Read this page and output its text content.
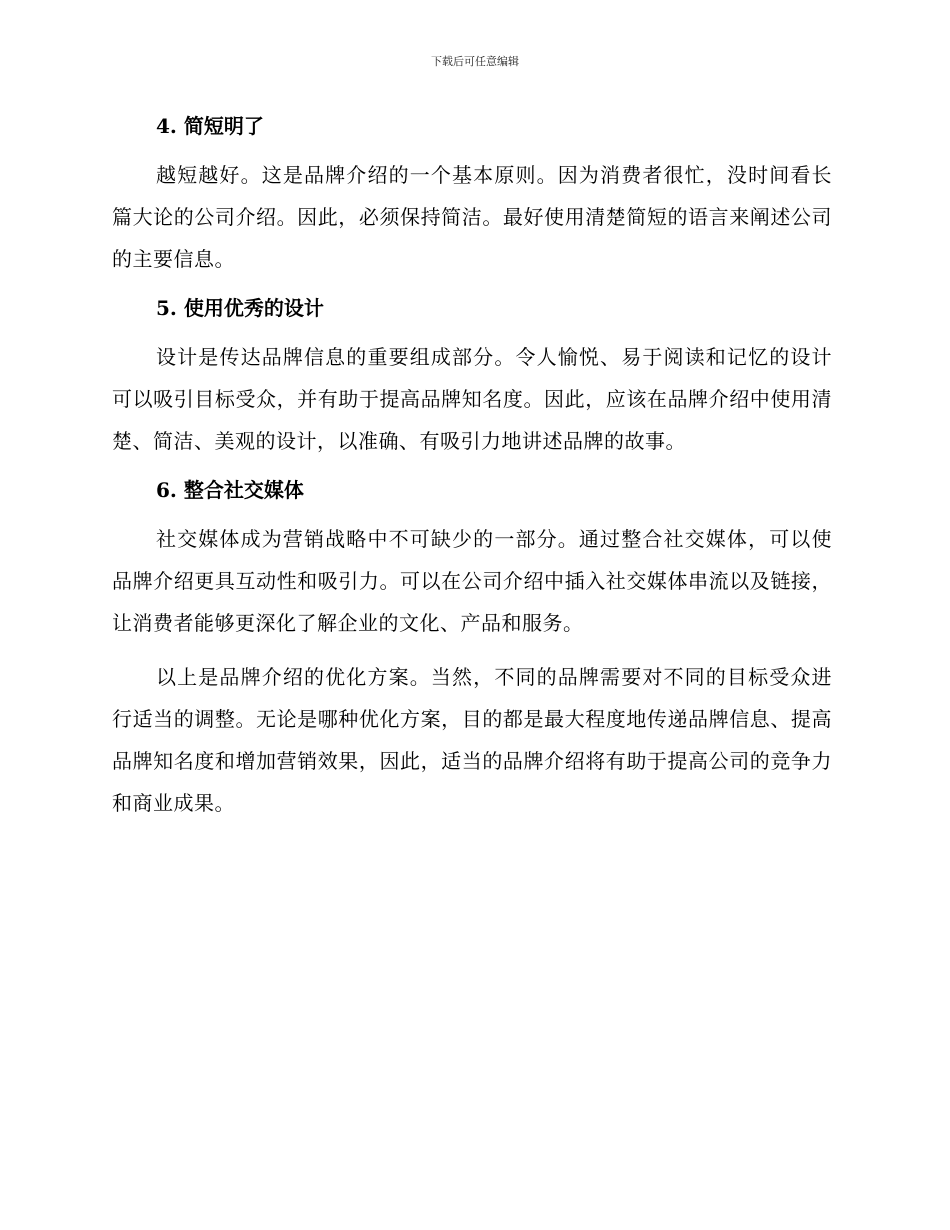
下载后可任意编辑
4. 简短明了

越短越好。这是品牌介绍的一个基本原则。因为消费者很忙，没时间看长篇大论的公司介绍。因此，必须保持简洁。最好使用清楚简短的语言来阐述公司的主要信息。

5. 使用优秀的设计

设计是传达品牌信息的重要组成部分。令人愉悦、易于阅读和记忆的设计可以吸引目标受众，并有助于提高品牌知名度。因此，应该在品牌介绍中使用清楚、简洁、美观的设计，以准确、有吸引力地讲述品牌的故事。

6. 整合社交媒体

社交媒体成为营销战略中不可缺少的一部分。通过整合社交媒体，可以使品牌介绍更具互动性和吸引力。可以在公司介绍中插入社交媒体串流以及链接，让消费者能够更深化了解企业的文化、产品和服务。

以上是品牌介绍的优化方案。当然，不同的品牌需要对不同的目标受众进行适当的调整。无论是哪种优化方案，目的都是最大程度地传递品牌信息、提高品牌知名度和增加营销效果，因此，适当的品牌介绍将有助于提高公司的竞争力和商业成果。
